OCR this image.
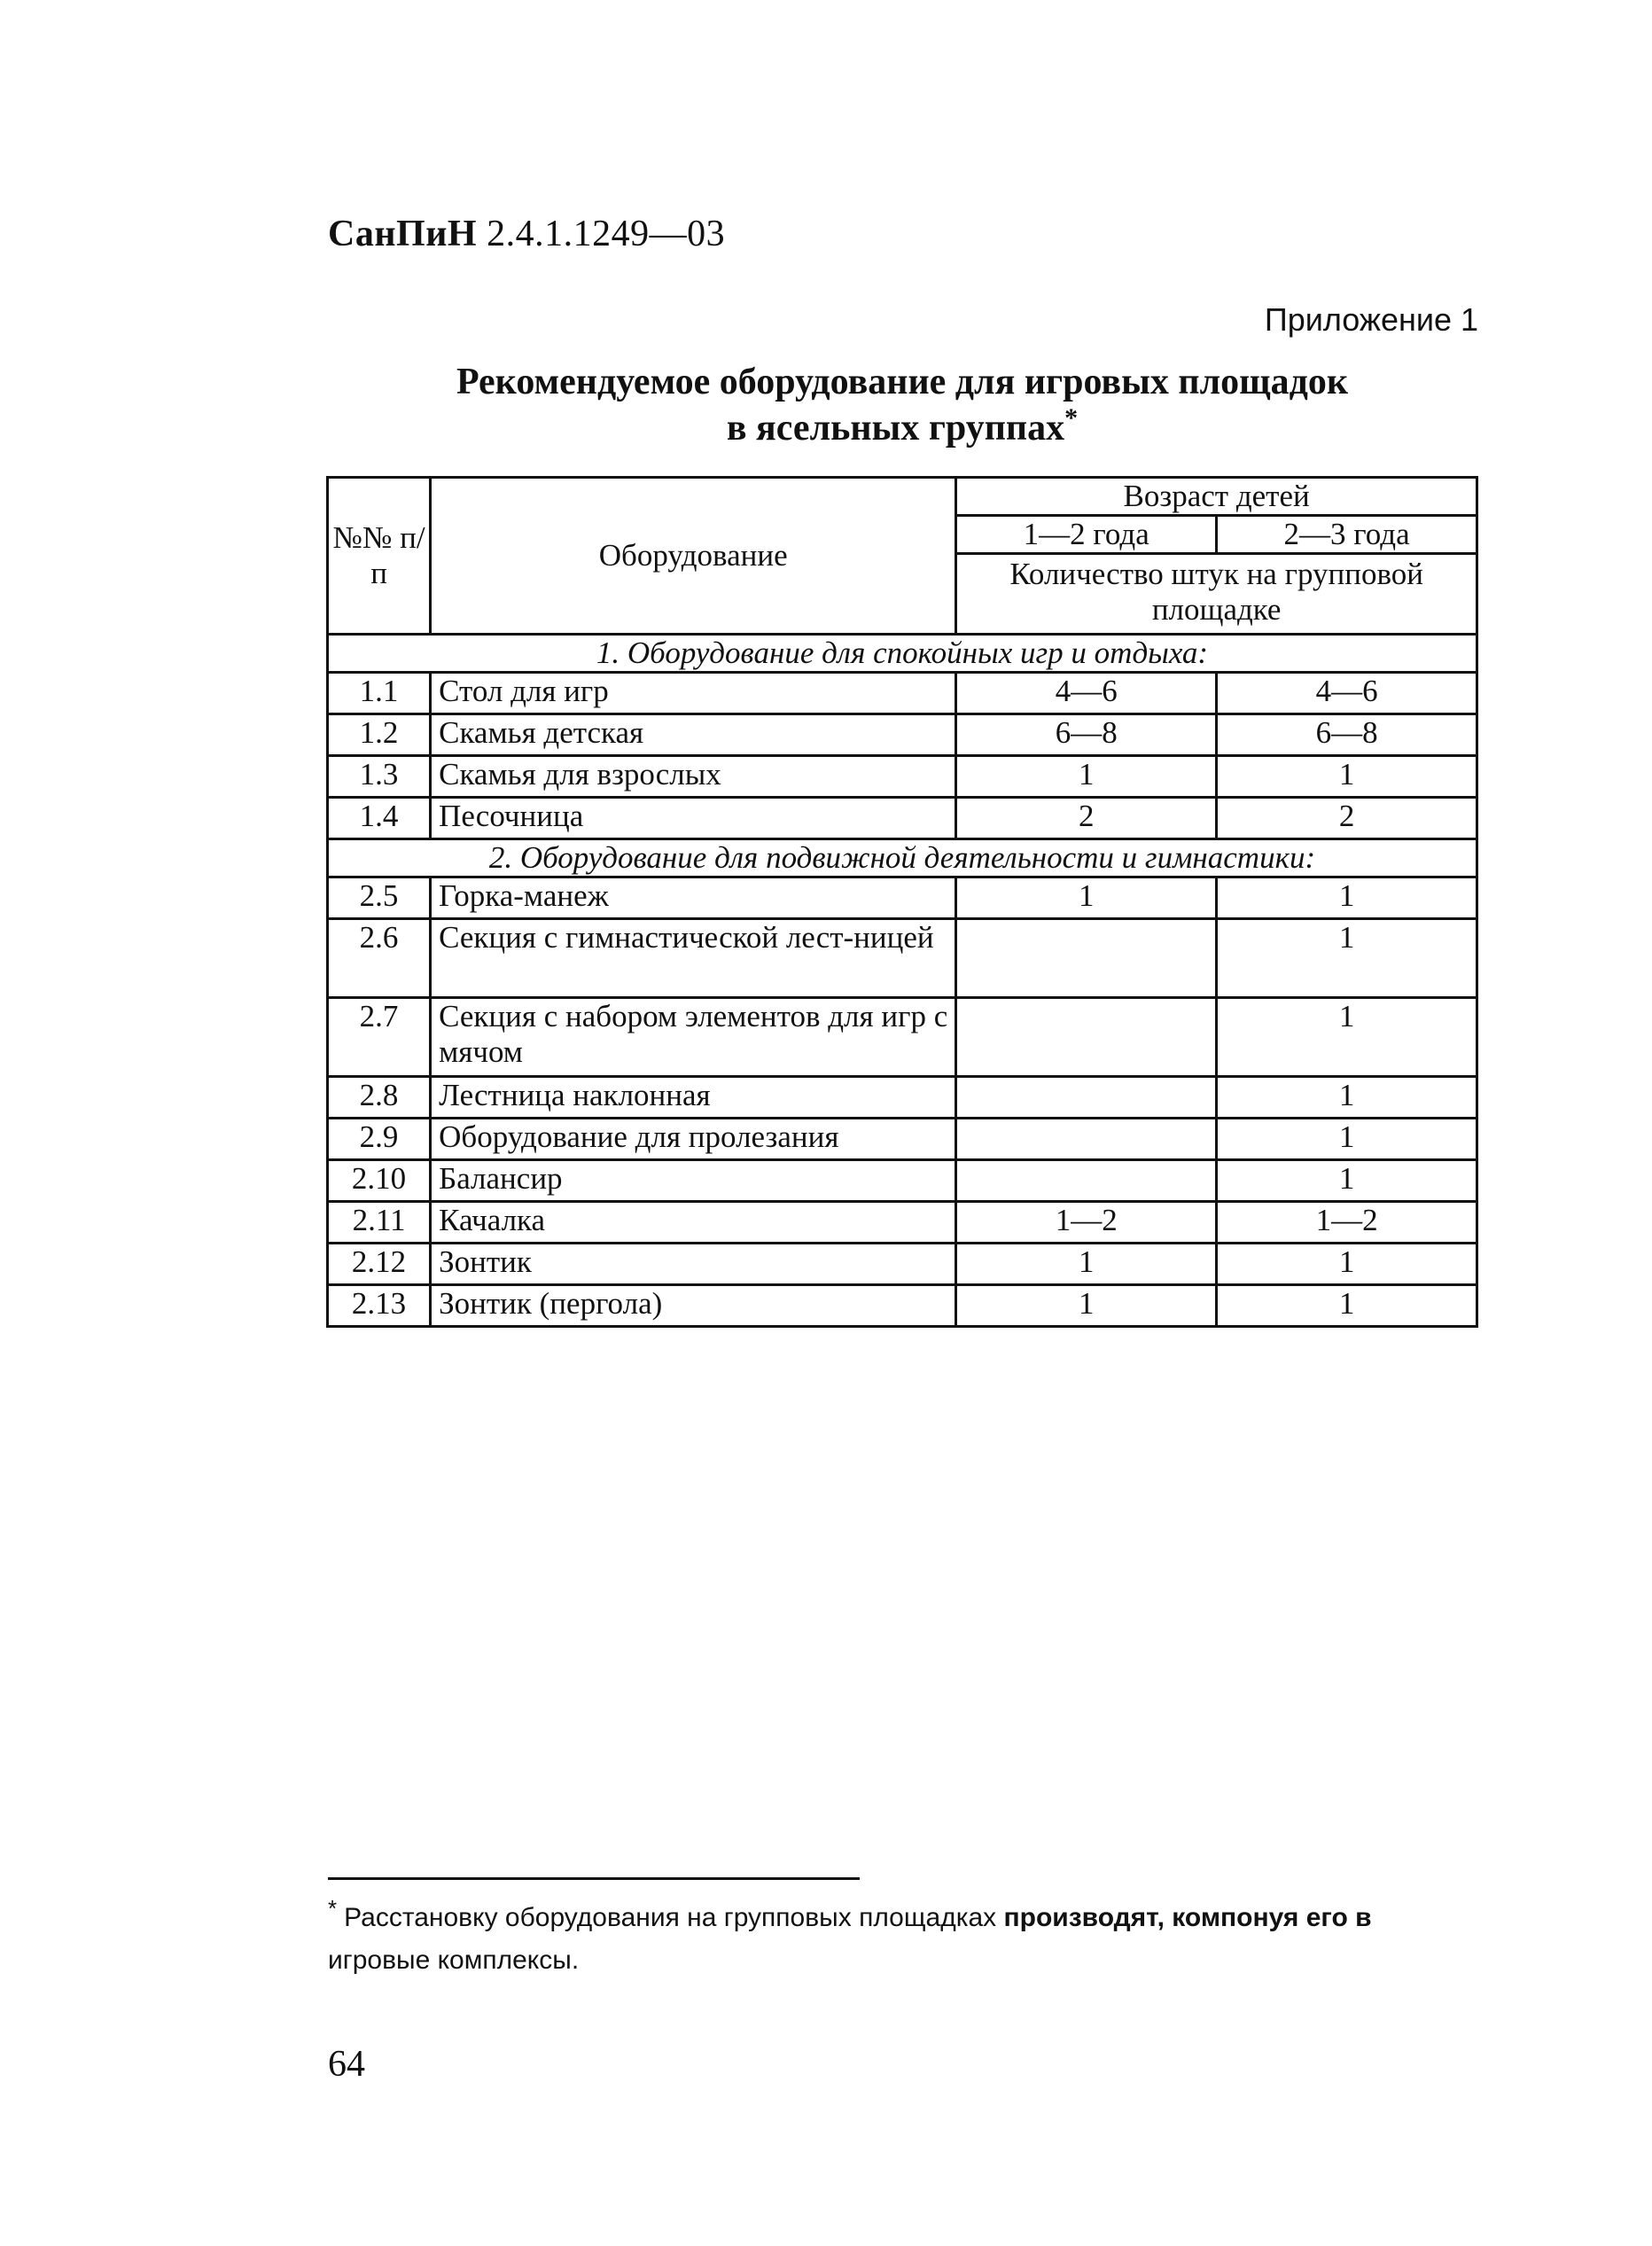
СанПиН 2.4.1.1249—03
Приложение 1
Рекомендуемое оборудование для игровых площадок
в ясельных группах*
№№ п/п	Оборудование	Возраст детей	
		1—2 года	2—3 года
		Количество штук на групповой площадке	
1. Оборудование для спокойных игр и отдыха:			
1.1	Стол для игр	4—6	4—6
1.2	Скамья детская	6—8	6—8
1.3	Скамья для взрослых	1	1
1.4	Песочница	2	2
2. Оборудование для подвижной деятельности и гимнастики:			
2.5	Горка-манеж	1	1
2.6	Секция с гимнастической лест-ницей		1
2.7	Секция с набором элементов для игр с мячом		1
2.8	Лестница наклонная		1
2.9	Оборудование для пролезания		1
2.10	Балансир		1
2.11	Качалка	1—2	1—2
2.12	Зонтик	1	1
2.13	Зонтик (пергола)	1	1
* Расстановку оборудования на групповых площадках производят, компонуя его в игровые комплексы.
64
